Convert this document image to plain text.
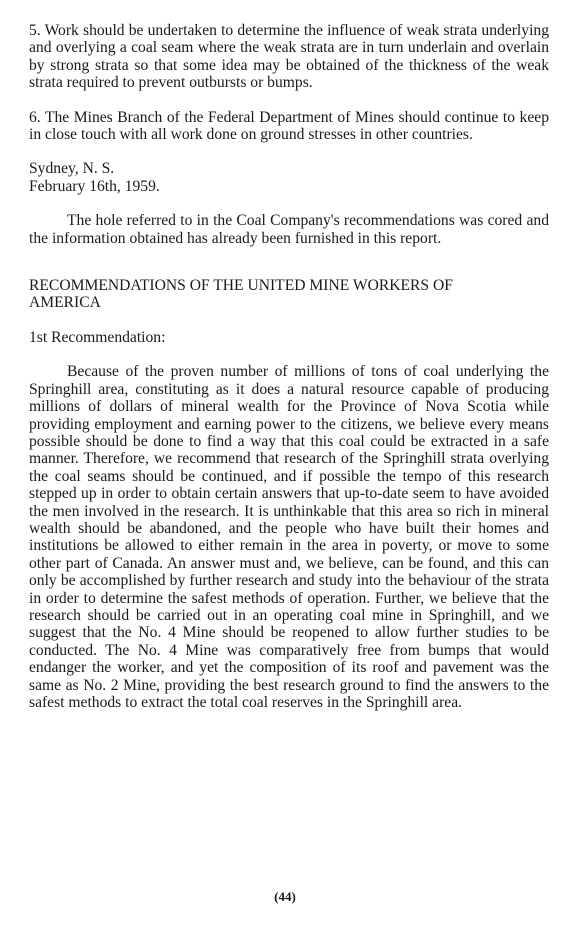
5. Work should be undertaken to determine the influence of weak strata underlying and overlying a coal seam where the weak strata are in turn underlain and overlain by strong strata so that some idea may be obtained of the thickness of the weak strata required to prevent outbursts or bumps.

6. The Mines Branch of the Federal Department of Mines should continue to keep in close touch with all work done on ground stresses in other countries.

Sydney, N. S.

February 16th, 1959.

The hole referred to in the Coal Company's recommendations was cored and the information obtained has already been furnished in this report.

RECOMMENDATIONS OF THE UNITED MINE WORKERS OF AMERICA

1st Recommendation:

Because of the proven number of millions of tons of coal underlying the Springhill area, constituting as it does a natural resource capable of producing millions of dollars of mineral wealth for the Province of Nova Scotia while providing employment and earning power to the citizens, we believe every means possible should be done to find a way that this coal could be extracted in a safe manner. Therefore, we recommend that research of the Springhill strata overlying the coal seams should be continued, and if possible the tempo of this research stepped up in order to obtain certain answers that up-to-date seem to have avoided the men involved in the research. It is unthinkable that this area so rich in mineral wealth should be abandoned, and the people who have built their homes and institutions be allowed to either remain in the area in poverty, or move to some other part of Canada. An answer must and, we believe, can be found, and this can only be accomplished by further research and study into the behaviour of the strata in order to determine the safest methods of operation. Further, we believe that the research should be carried out in an operating coal mine in Springhill, and we suggest that the No. 4 Mine should be reopened to allow further studies to be conducted. The No. 4 Mine was comparatively free from bumps that would endanger the worker, and yet the composition of its roof and pavement was the same as No. 2 Mine, providing the best research ground to find the answers to the safest methods to extract the total coal reserves in the Springhill area.

(44)
